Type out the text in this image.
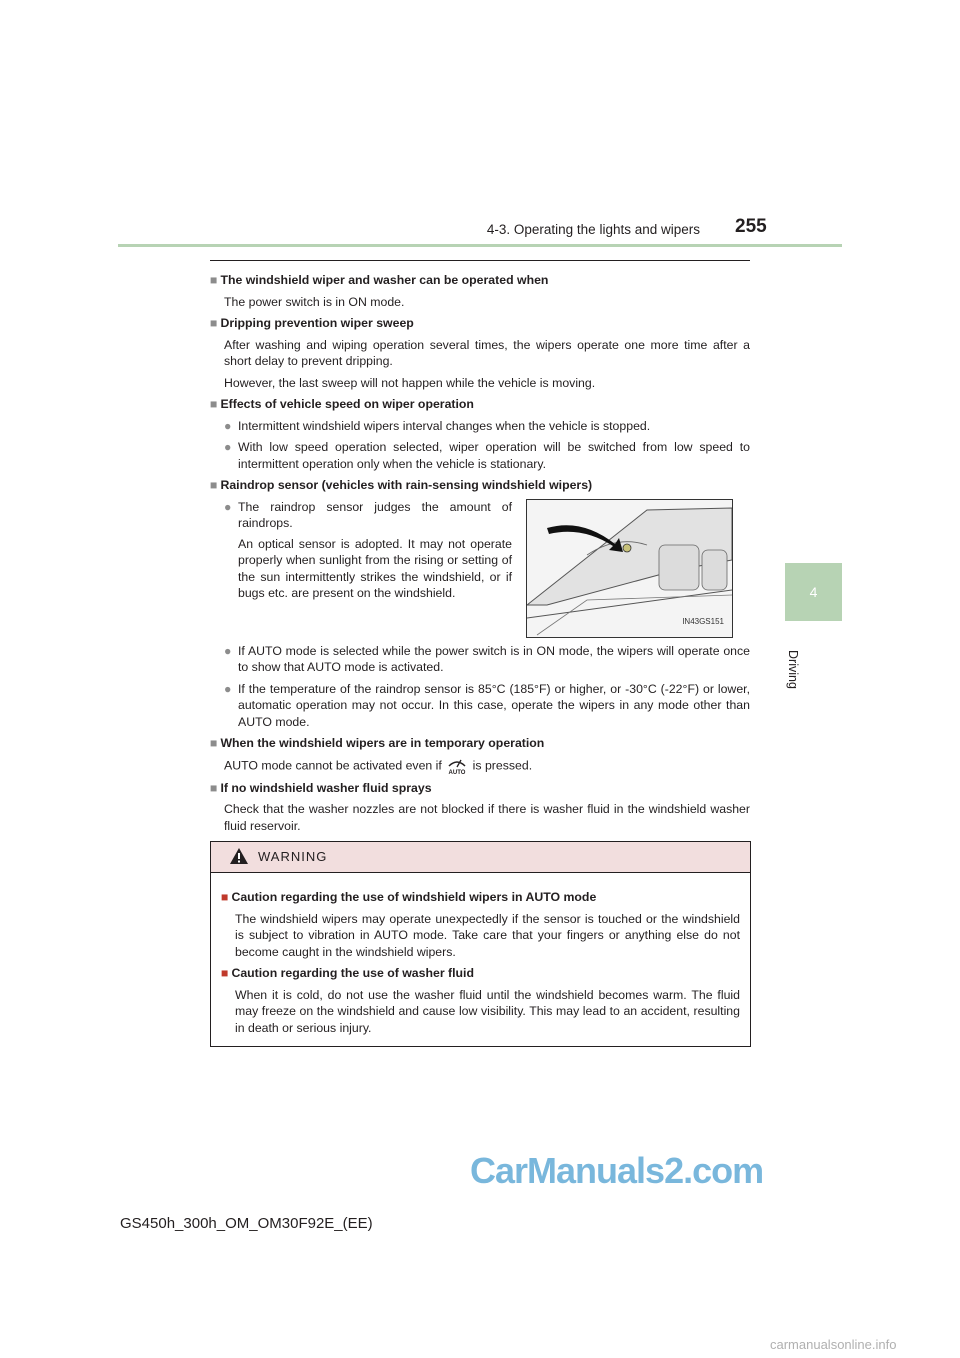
4-3. Operating the lights and wipers 255
4
Driving
■ The windshield wiper and washer can be operated when
The power switch is in ON mode.
■ Dripping prevention wiper sweep
After washing and wiping operation several times, the wipers operate one more time after a short delay to prevent dripping.
However, the last sweep will not happen while the vehicle is moving.
■ Effects of vehicle speed on wiper operation
● Intermittent windshield wipers interval changes when the vehicle is stopped.
● With low speed operation selected, wiper operation will be switched from low speed to intermittent operation only when the vehicle is stationary.
■ Raindrop sensor (vehicles with rain-sensing windshield wipers)
● The raindrop sensor judges the amount of raindrops.
An optical sensor is adopted. It may not operate properly when sunlight from the rising or setting of the sun intermittently strikes the windshield, or if bugs etc. are present on the windshield.
IN43GS151
● If AUTO mode is selected while the power switch is in ON mode, the wipers will operate once to show that AUTO mode is activated.
● If the temperature of the raindrop sensor is 85°C (185°F) or higher, or -30°C (-22°F) or lower, automatic operation may not occur. In this case, operate the wipers in any mode other than AUTO mode.
■ When the windshield wipers are in temporary operation
AUTO mode cannot be activated even if
AUTO
is pressed.
■ If no windshield washer fluid sprays
Check that the washer nozzles are not blocked if there is washer fluid in the windshield washer fluid reservoir.
WARNING
■ Caution regarding the use of windshield wipers in AUTO mode
The windshield wipers may operate unexpectedly if the sensor is touched or the windshield is subject to vibration in AUTO mode. Take care that your fingers or anything else do not become caught in the windshield wipers.
■ Caution regarding the use of washer fluid
When it is cold, do not use the washer fluid until the windshield becomes warm. The fluid may freeze on the windshield and cause low visibility. This may lead to an accident, resulting in death or serious injury.
CarManuals2.com
GS450h_300h_OM_OM30F92E_(EE)
carmanualsonline.info
